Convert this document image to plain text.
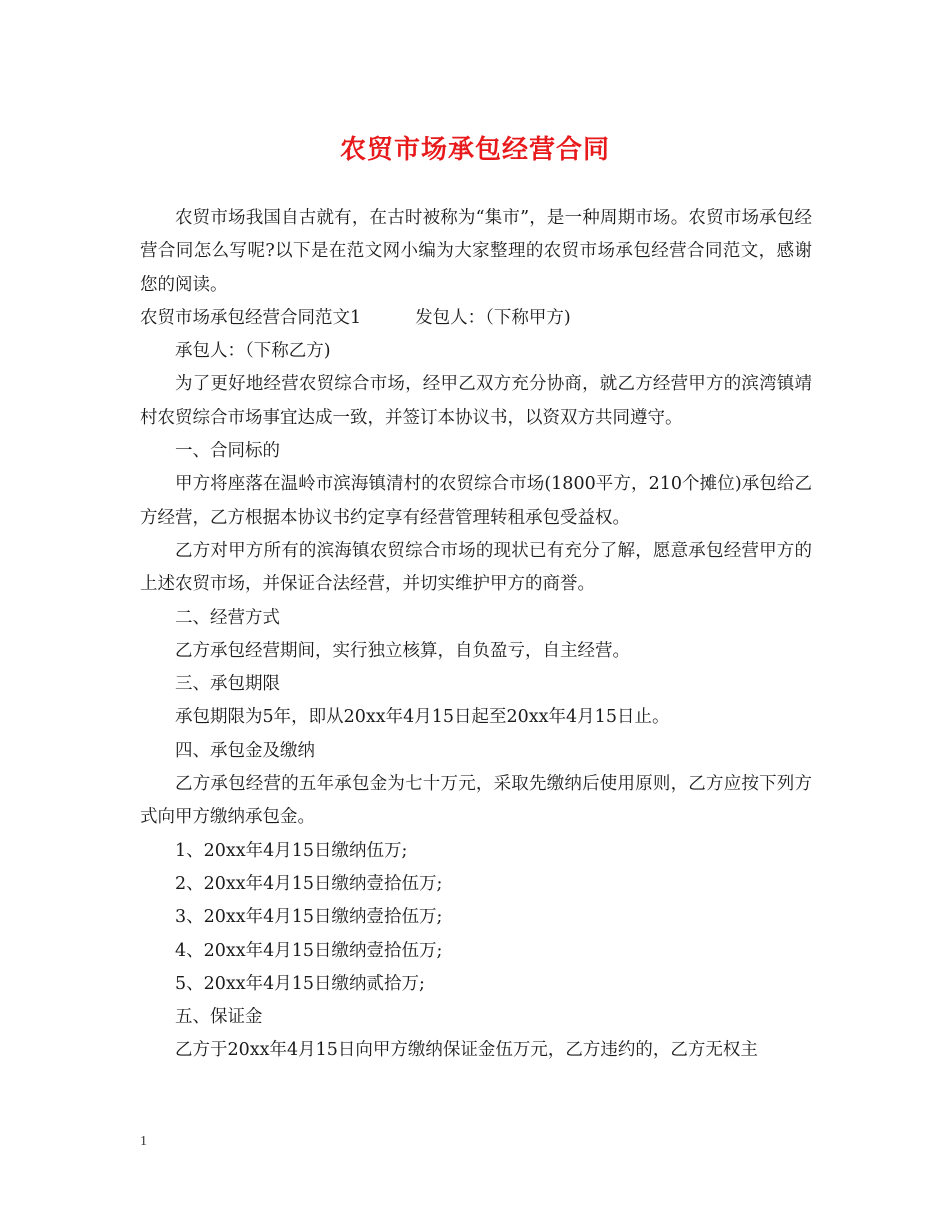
农贸市场承包经营合同

农贸市场我国自古就有，在古时被称为“集市”，是一种周期市场。农贸市场承包经营合同怎么写呢?以下是在范文网小编为大家整理的农贸市场承包经营合同范文，感谢您的阅读。

农贸市场承包经营合同范文1	发包人：（下称甲方)

承包人：（下称乙方)

为了更好地经营农贸综合市场，经甲乙双方充分协商，就乙方经营甲方的滨湾镇靖村农贸综合市场事宜达成一致，并签订本协议书，以资双方共同遵守。

一、合同标的

甲方将座落在温岭市滨海镇清村的农贸综合市场(1800平方，210个摊位)承包给乙方经营，乙方根据本协议书约定享有经营管理转租承包受益权。

乙方对甲方所有的滨海镇农贸综合市场的现状已有充分了解，愿意承包经营甲方的上述农贸市场，并保证合法经营，并切实维护甲方的商誉。

二、经营方式

乙方承包经营期间，实行独立核算，自负盈亏，自主经营。

三、承包期限

承包期限为5年，即从20xx年4月15日起至20xx年4月15日止。

四、承包金及缴纳

乙方承包经营的五年承包金为七十万元，采取先缴纳后使用原则，乙方应按下列方式向甲方缴纳承包金。

1、20xx年4月15日缴纳伍万;

2、20xx年4月15日缴纳壹拾伍万;

3、20xx年4月15日缴纳壹拾伍万;

4、20xx年4月15日缴纳壹拾伍万;

5、20xx年4月15日缴纳贰拾万;

五、保证金

乙方于20xx年4月15日向甲方缴纳保证金伍万元，乙方违约的，乙方无权主

1
